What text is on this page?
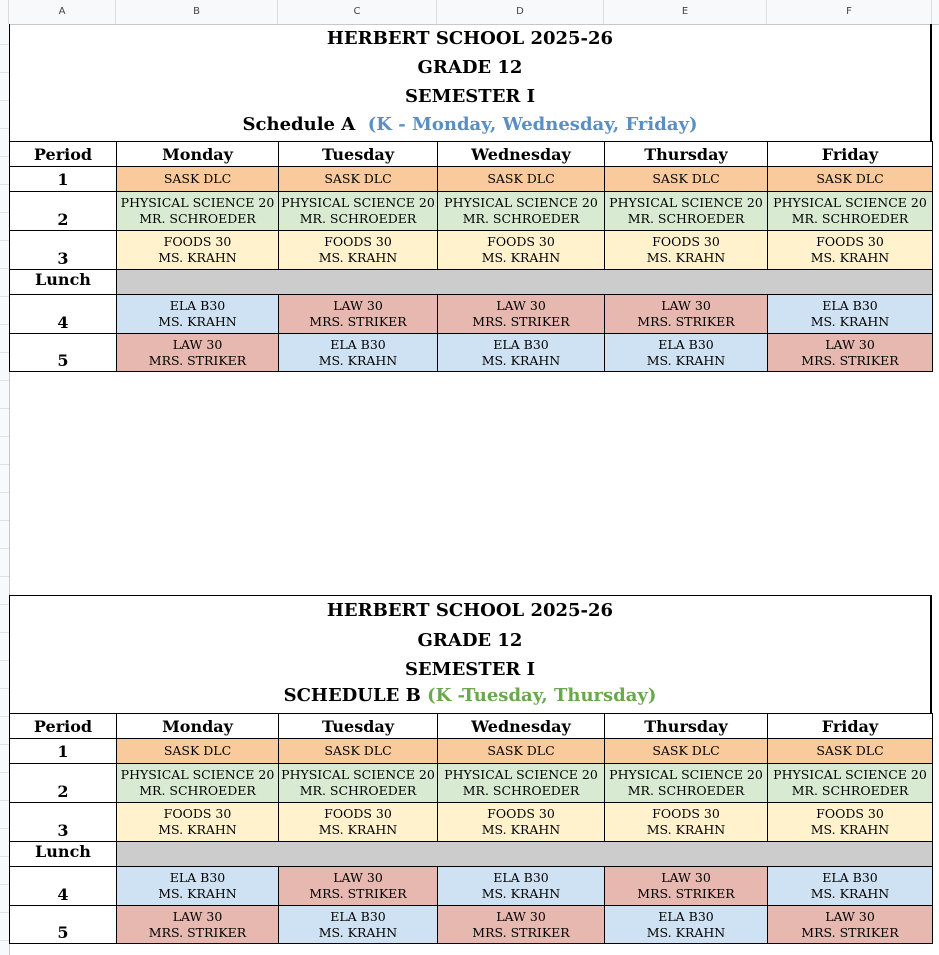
A	B	C	D	E	F
HERBERT SCHOOL 2025-26
GRADE 12
SEMESTER I
Schedule A (K - Monday, Wednesday, Friday)
Period	Monday	Tuesday	Wednesday	Thursday	Friday
1	SASK DLC	SASK DLC	SASK DLC	SASK DLC	SASK DLC

2	PHYSICAL SCIENCE 20
MR. SCHROEDER	PHYSICAL SCIENCE 20
MR. SCHROEDER	PHYSICAL SCIENCE 20
MR. SCHROEDER	PHYSICAL SCIENCE 20
MR. SCHROEDER	PHYSICAL SCIENCE 20
MR. SCHROEDER

3	FOODS 30
MS. KRAHN	FOODS 30
MS. KRAHN	FOODS 30
MS. KRAHN	FOODS 30
MS. KRAHN	FOODS 30
MS. KRAHN

Lunch					
4	ELA B30
MS. KRAHN	LAW 30
MRS. STRIKER	LAW 30
MRS. STRIKER	LAW 30
MRS. STRIKER	ELA B30
MS. KRAHN

5	LAW 30
MRS. STRIKER	ELA B30
MS. KRAHN	ELA B30
MS. KRAHN	ELA B30
MS. KRAHN	LAW 30
MRS. STRIKER
HERBERT SCHOOL 2025-26
GRADE 12
SEMESTER I
SCHEDULE B (K -Tuesday, Thursday)
Period	Monday	Tuesday	Wednesday	Thursday	Friday
1	SASK DLC	SASK DLC	SASK DLC	SASK DLC	SASK DLC

2	PHYSICAL SCIENCE 20
MR. SCHROEDER	PHYSICAL SCIENCE 20
MR. SCHROEDER	PHYSICAL SCIENCE 20
MR. SCHROEDER	PHYSICAL SCIENCE 20
MR. SCHROEDER	PHYSICAL SCIENCE 20
MR. SCHROEDER

3	FOODS 30
MS. KRAHN	FOODS 30
MS. KRAHN	FOODS 30
MS. KRAHN	FOODS 30
MS. KRAHN	FOODS 30
MS. KRAHN

Lunch					
4	ELA B30
MS. KRAHN	LAW 30
MRS. STRIKER	ELA B30
MS. KRAHN	LAW 30
MRS. STRIKER	ELA B30
MS. KRAHN

5	LAW 30
MRS. STRIKER	ELA B30
MS. KRAHN	LAW 30
MRS. STRIKER	ELA B30
MS. KRAHN	LAW 30
MRS. STRIKER
